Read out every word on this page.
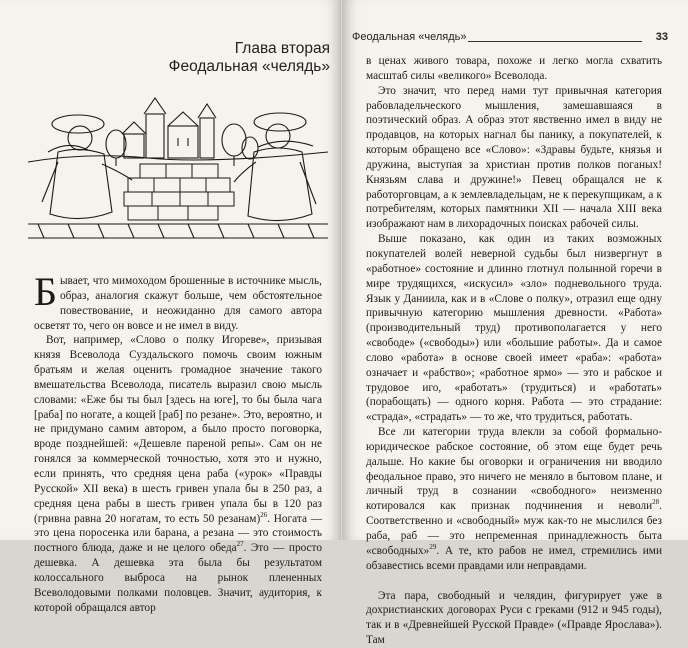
Глава вторая
Феодальная «челядь»

Бывает, что мимоходом брошенные в источнике мысль, образ, аналогия скажут больше, чем обстоятельное повествование, и неожиданно для самого автора осветят то, чего он вовсе и не имел в виду.

Вот, например, «Слово о полку Игореве», призывая князя Всеволода Суздальского помочь своим южным братьям и желая оценить громадное значение такого вмешательства Всеволода, писатель выразил свою мысль словами: «Еже бы ты был [здесь на юге], то бы была чага [раба] по ногате, а кощей [раб] по резане». Это, вероятно, и не придумано самим автором, а было просто поговорка, вроде позднейшей: «Дешевле пареной репы». Сам он не гонялся за коммерческой точностью, хотя это и нужно, если принять, что средняя цена раба («урок» «Правды Русской» XII века) в шесть гривен упала бы в 250 раз, а средняя цена рабы в шесть гривен упала бы в 120 раз (гривна равна 20 ногатам, то есть 50 резанам)$^{26}$. Ногата — это цена поросенка или барана, а резана — это стоимость постного блюда, даже и не целого обеда$^{27}$. Это — просто дешевка. А дешевка эта была бы результатом колоссального выброса на рынок плененных Всеволодовыми полками половцев. Значит, аудитория, к которой обращался автор

Феодальная «челядь»	33

в ценах живого товара, похоже и легко могла схватить масштаб силы «великого» Всеволода.

Это значит, что перед нами тут привычная категория рабовладельческого мышления, замешавшаяся в поэтический образ. А образ этот явственно имел в виду не продавцов, на которых нагнал бы панику, а покупателей, к которым обращено все «Слово»: «Здравы будьте, князья и дружина, выступая за христиан против полков поганых! Князьям слава и дружине!» Певец обращался не к работорговцам, а к землевладельцам, не к перекупщикам, а к потребителям, которых памятники XII — начала XIII века изображают нам в лихорадочных поисках рабочей силы.

Выше показано, как один из таких возможных покупателей волей неверной судьбы был низвергнут в «работное» состояние и длинно глотнул полынной горечи в мире трудящихся, «искусил» «зло» подневольного труда. Язык у Даниила, как и в «Слове о полку», отразил еще одну привычную категорию мышления древности. «Работа» (производительный труд) противополагается у него «свободе» («свободы») или «большие работы». Да и самое слово «работа» в основе своей имеет «раба»: «работа» означает и «рабство»; «работное ярмо» — это и рабское и трудовое иго, «работать» (трудиться) и «работать» (порабощать) — одного корня. Работа — это страдание: «страда», «страдать» — то же, что трудиться, работать.

Все ли категории труда влекли за собой формально-юридическое рабское состояние, об этом еще будет речь дальше. Но какие бы оговорки и ограничения ни вводило феодальное право, это ничего не меняло в бытовом плане, и личный труд в сознании «свободного» неизменно котировался как признак подчинения и неволи$^{28}$. Соответственно и «свободный» муж как-то не мыслился без раба, раб — это непременная принадлежность быта «свободных»$^{29}$. А те, кто рабов не имел, стремились ими обзавестись всеми правдами или неправдами.

Эта пара, свободный и челядин, фигурирует уже в дохристианских договорах Руси с греками (912 и 945 годы), так и в «Древнейшей Русской Правде» («Правде Ярослава»). Там
